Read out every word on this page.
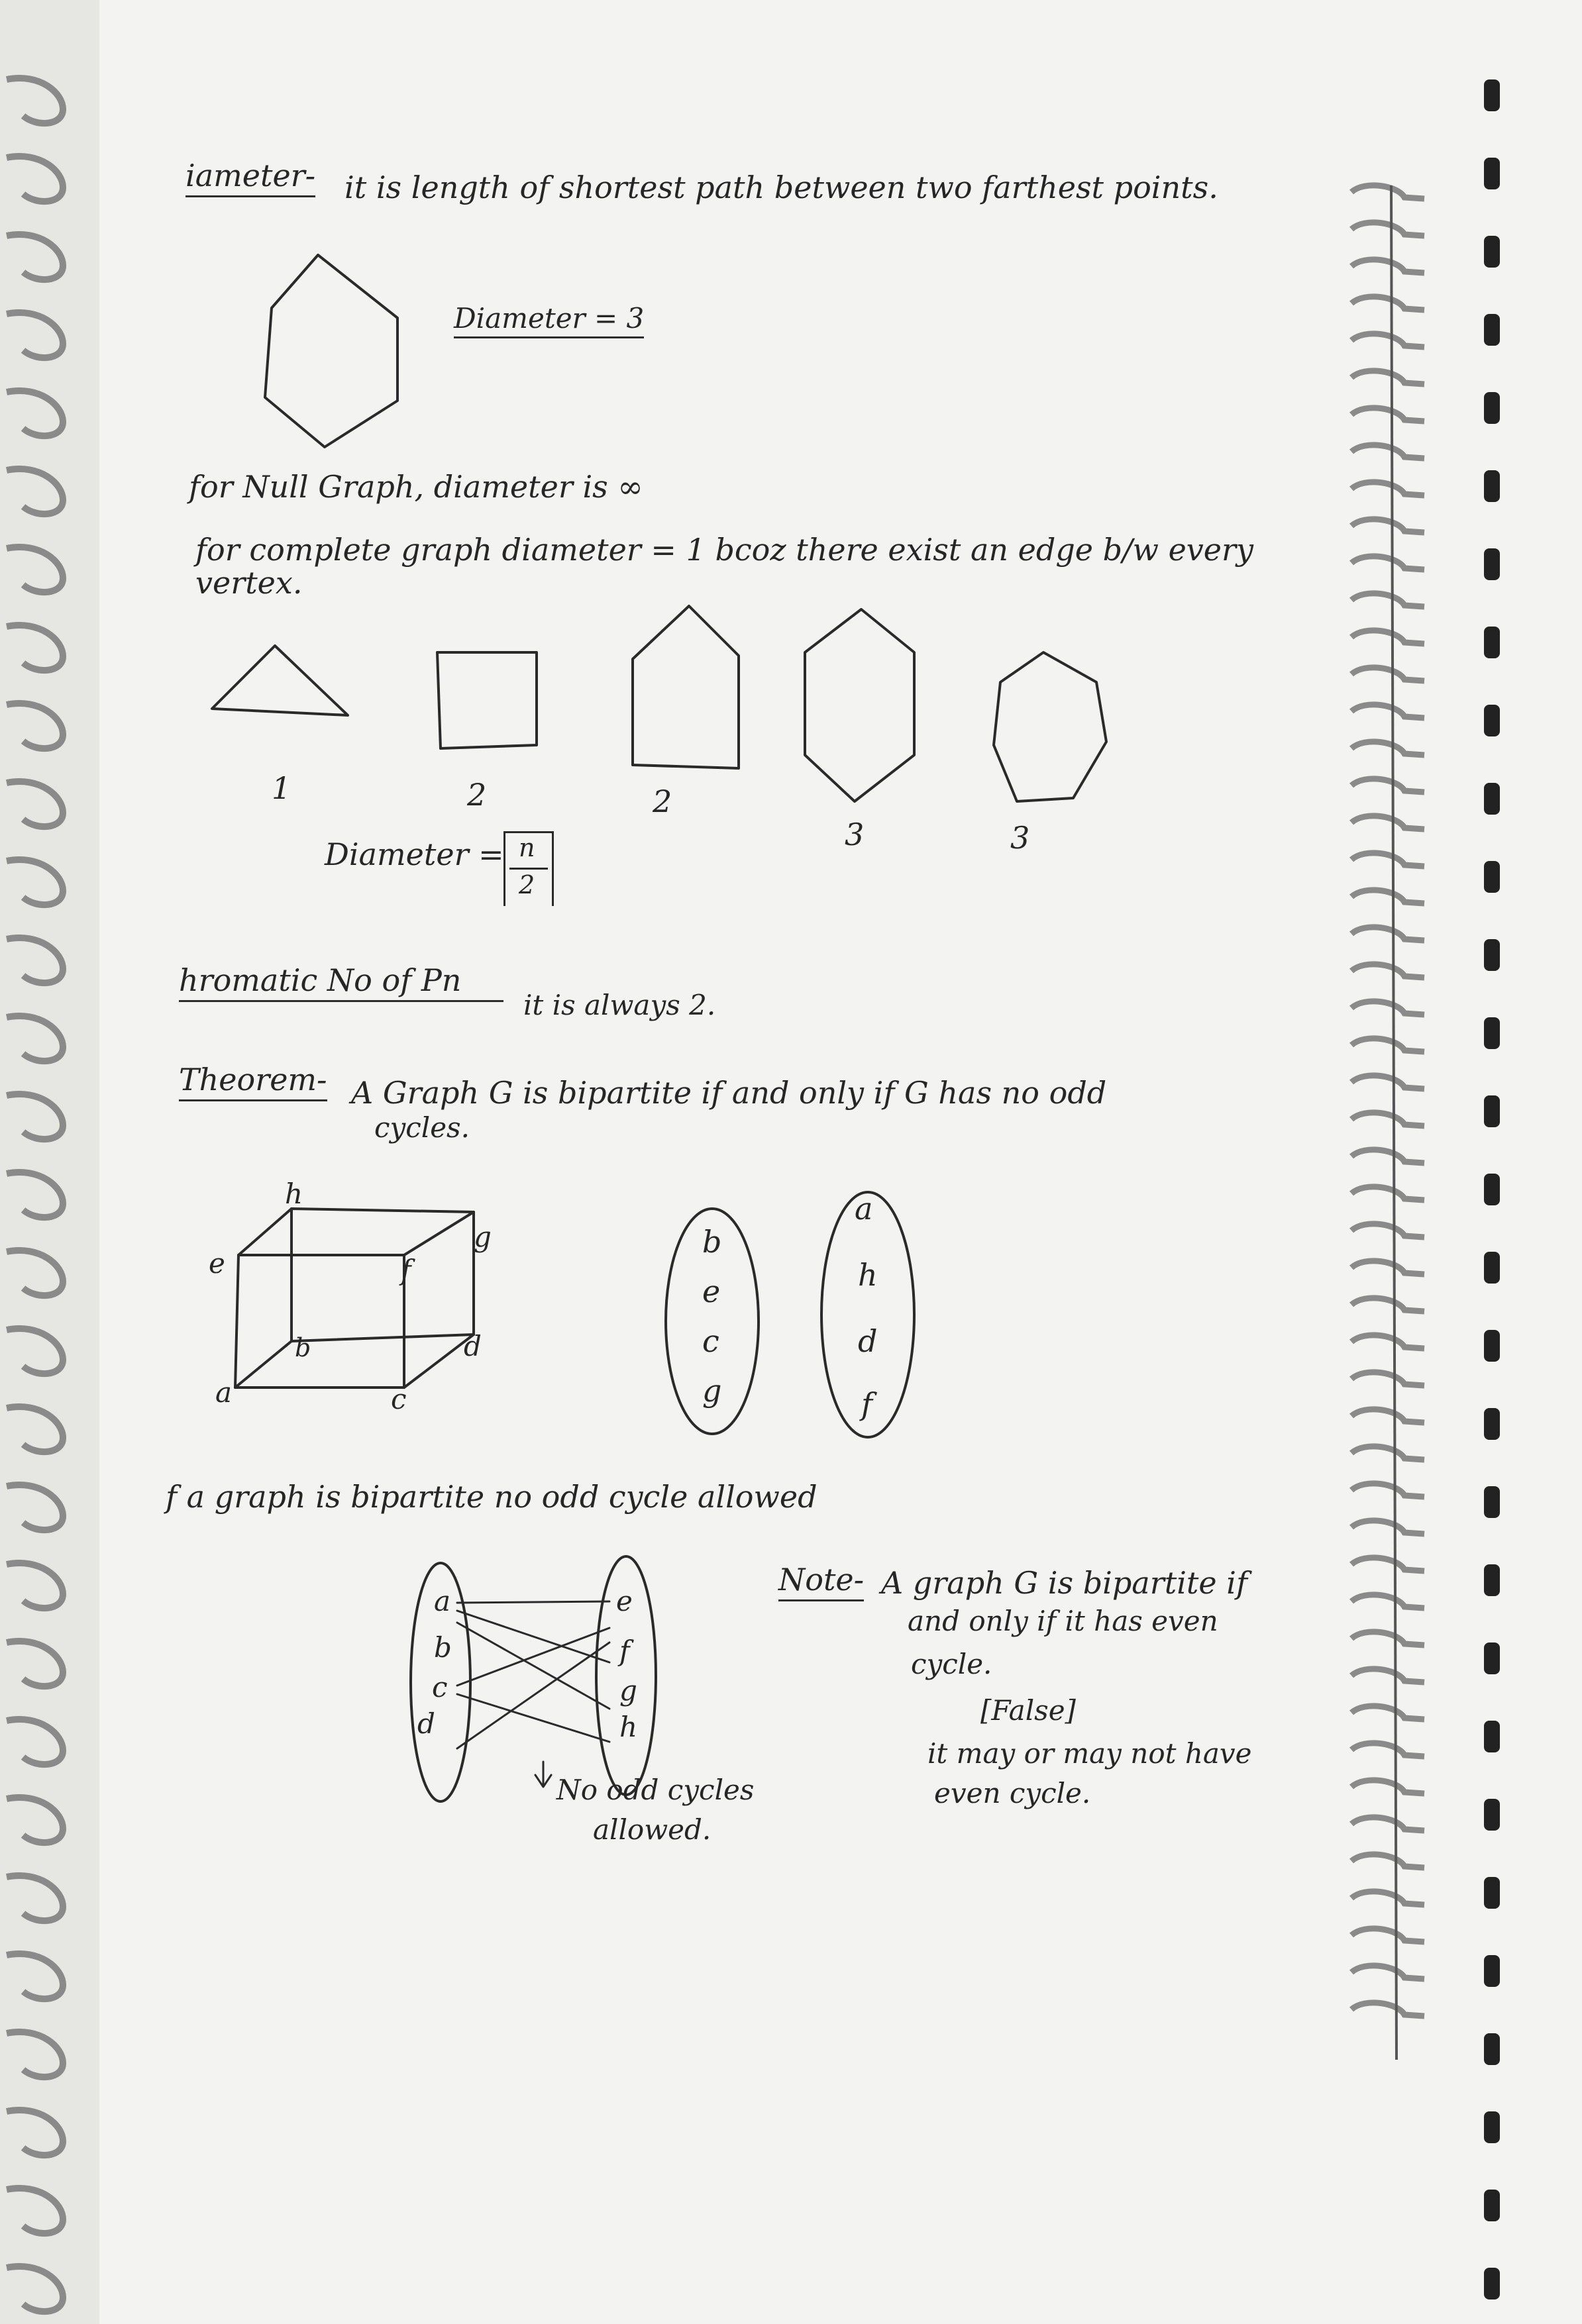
iameter- it is length of shortest path between two farthest points.
Diameter = 3
for Null Graph, diameter is ∞
for complete graph diameter = 1 bcoz there exist an edge b/w every
vertex.
1	2	2
3	3
Diameter = n
2
hromatic No of Pn
it is always 2.
Theorem- A Graph G is bipartite if and only if G has no odd
cycles.
h
g
e	f
b	d
a	c
b
e
c
g
a
h
d
f
f a graph is bipartite no odd cycle allowed
a
b
c
d
e
f
g
h
No odd cycles
allowed.
Note- A graph G is bipartite if
and only if it has even
cycle.
[False]
it may or may not have
even cycle.
